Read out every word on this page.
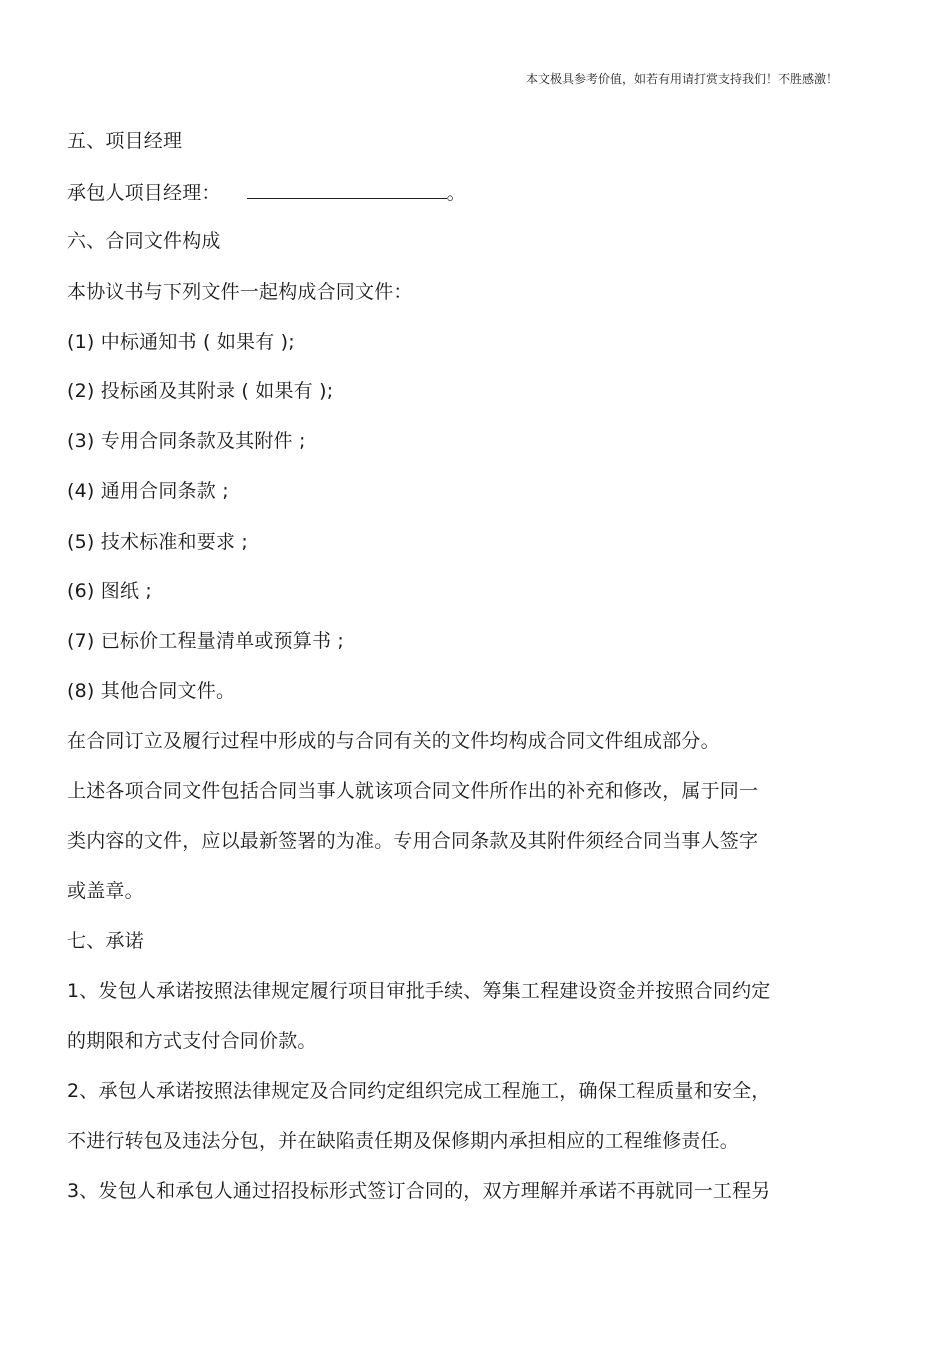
本文极具参考价值，如若有用请打赏支持我们！不胜感激！
五、项目经理
承包人项目经理：	。
六、合同文件构成
本协议书与下列文件一起构成合同文件：
(1) 中标通知书 ( 如果有 );
(2) 投标函及其附录 ( 如果有 );
(3) 专用合同条款及其附件 ;
(4) 通用合同条款 ;
(5) 技术标准和要求 ;
(6) 图纸 ;
(7) 已标价工程量清单或预算书 ;
(8) 其他合同文件。
在合同订立及履行过程中形成的与合同有关的文件均构成合同文件组成部分。
上述各项合同文件包括合同当事人就该项合同文件所作出的补充和修改，属于同一
类内容的文件，应以最新签署的为准。专用合同条款及其附件须经合同当事人签字
或盖章。
七、承诺
1、发包人承诺按照法律规定履行项目审批手续、筹集工程建设资金并按照合同约定
的期限和方式支付合同价款。
2、承包人承诺按照法律规定及合同约定组织完成工程施工，确保工程质量和安全，
不进行转包及违法分包，并在缺陷责任期及保修期内承担相应的工程维修责任。
3、发包人和承包人通过招投标形式签订合同的，双方理解并承诺不再就同一工程另
